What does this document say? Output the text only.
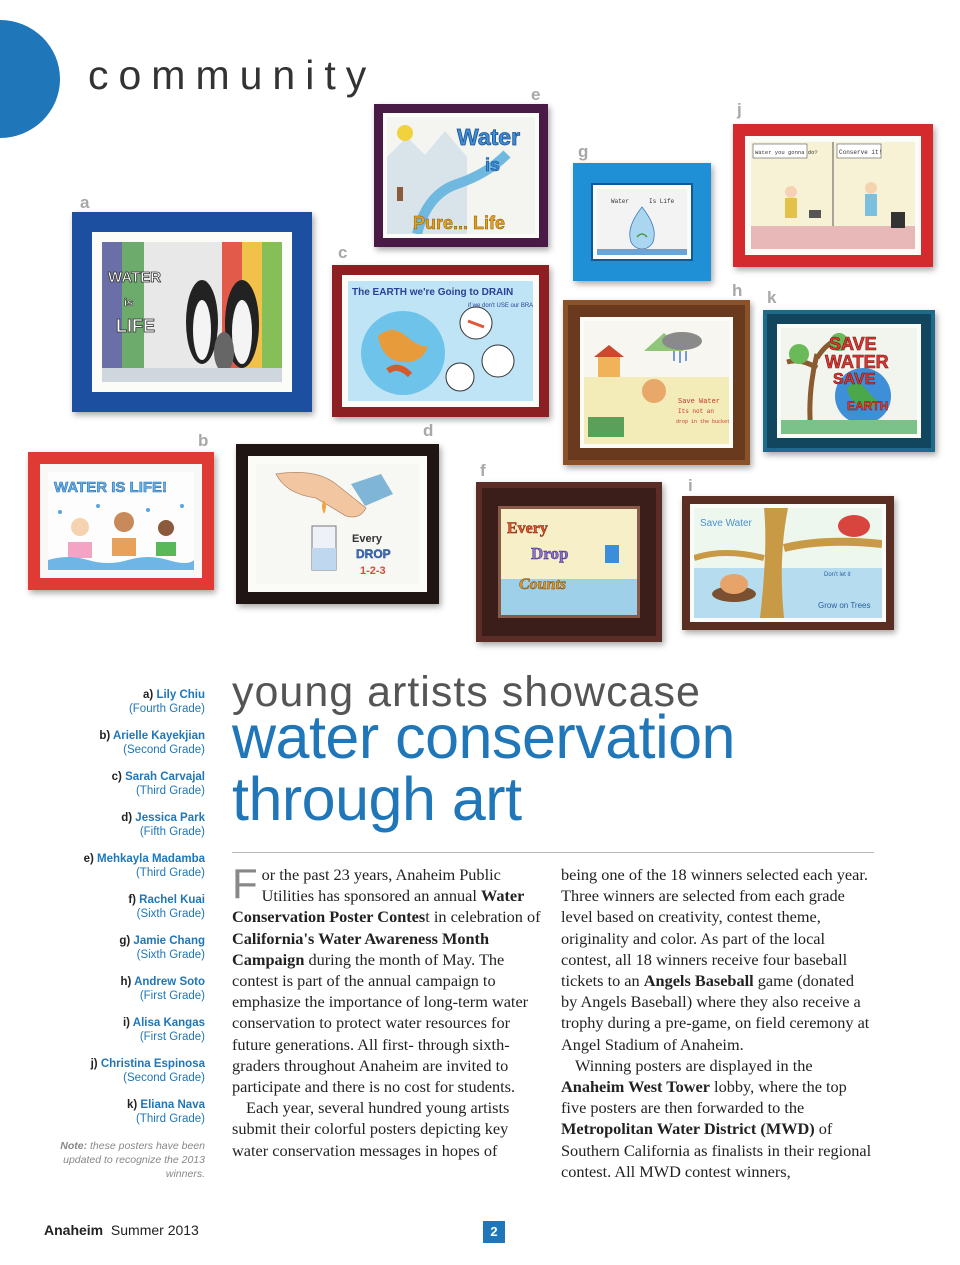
community
a
WATER
is
LIFE
b
WATER IS LIFE!
c
The EARTH we're Going to DRAIN
if we don't USE our BRAIN
d
Every
DROP
1-2-3
e
Water
is
Pure... Life
f
Every
Drop
Counts
g
Water	Is Life
h
Save Water
Its not an
drop in the bucket
i
Save Water
Don't let it
Grow on Trees
j
Water you gonna do?	Conserve it!
k
SAVE
WATER
SAVE
EARTH
a) Lily Chiu
(Fourth Grade)
b) Arielle Kayekjian
(Second Grade)
c) Sarah Carvajal
(Third Grade)
d) Jessica Park
(Fifth Grade)
e) Mehkayla Madamba
(Third Grade)
f) Rachel Kuai
(Sixth Grade)
g) Jamie Chang
(Sixth Grade)
h) Andrew Soto
(First Grade)
i) Alisa Kangas
(First Grade)
j) Christina Espinosa
(Second Grade)
k) Eliana Nava
(Third Grade)
Note: these posters have been updated to recognize the 2013 winners.
young artists showcase
water conservation
through art

For the past 23 years, Anaheim Public Utilities has sponsored an annual Water Conservation Poster Contest in celebration of California's Water Awareness Month Campaign during the month of May. The contest is part of the annual campaign to emphasize the importance of long-term water conservation to protect water resources for future generations. All first- through sixth-graders throughout Anaheim are invited to participate and there is no cost for students.

Each year, several hundred young artists submit their colorful posters depicting key water conservation messages in hopes of

being one of the 18 winners selected each year. Three winners are selected from each grade level based on creativity, contest theme, originality and color. As part of the local contest, all 18 winners receive four baseball tickets to an Angels Baseball game (donated by Angels Baseball) where they also receive a trophy during a pre-game, on field ceremony at Angel Stadium of Anaheim.

Winning posters are displayed in the Anaheim West Tower lobby, where the top five posters are then forwarded to the Metropolitan Water District (MWD) of Southern California as finalists in their regional contest. All MWD contest winners,

Anaheim Summer 2013	2
